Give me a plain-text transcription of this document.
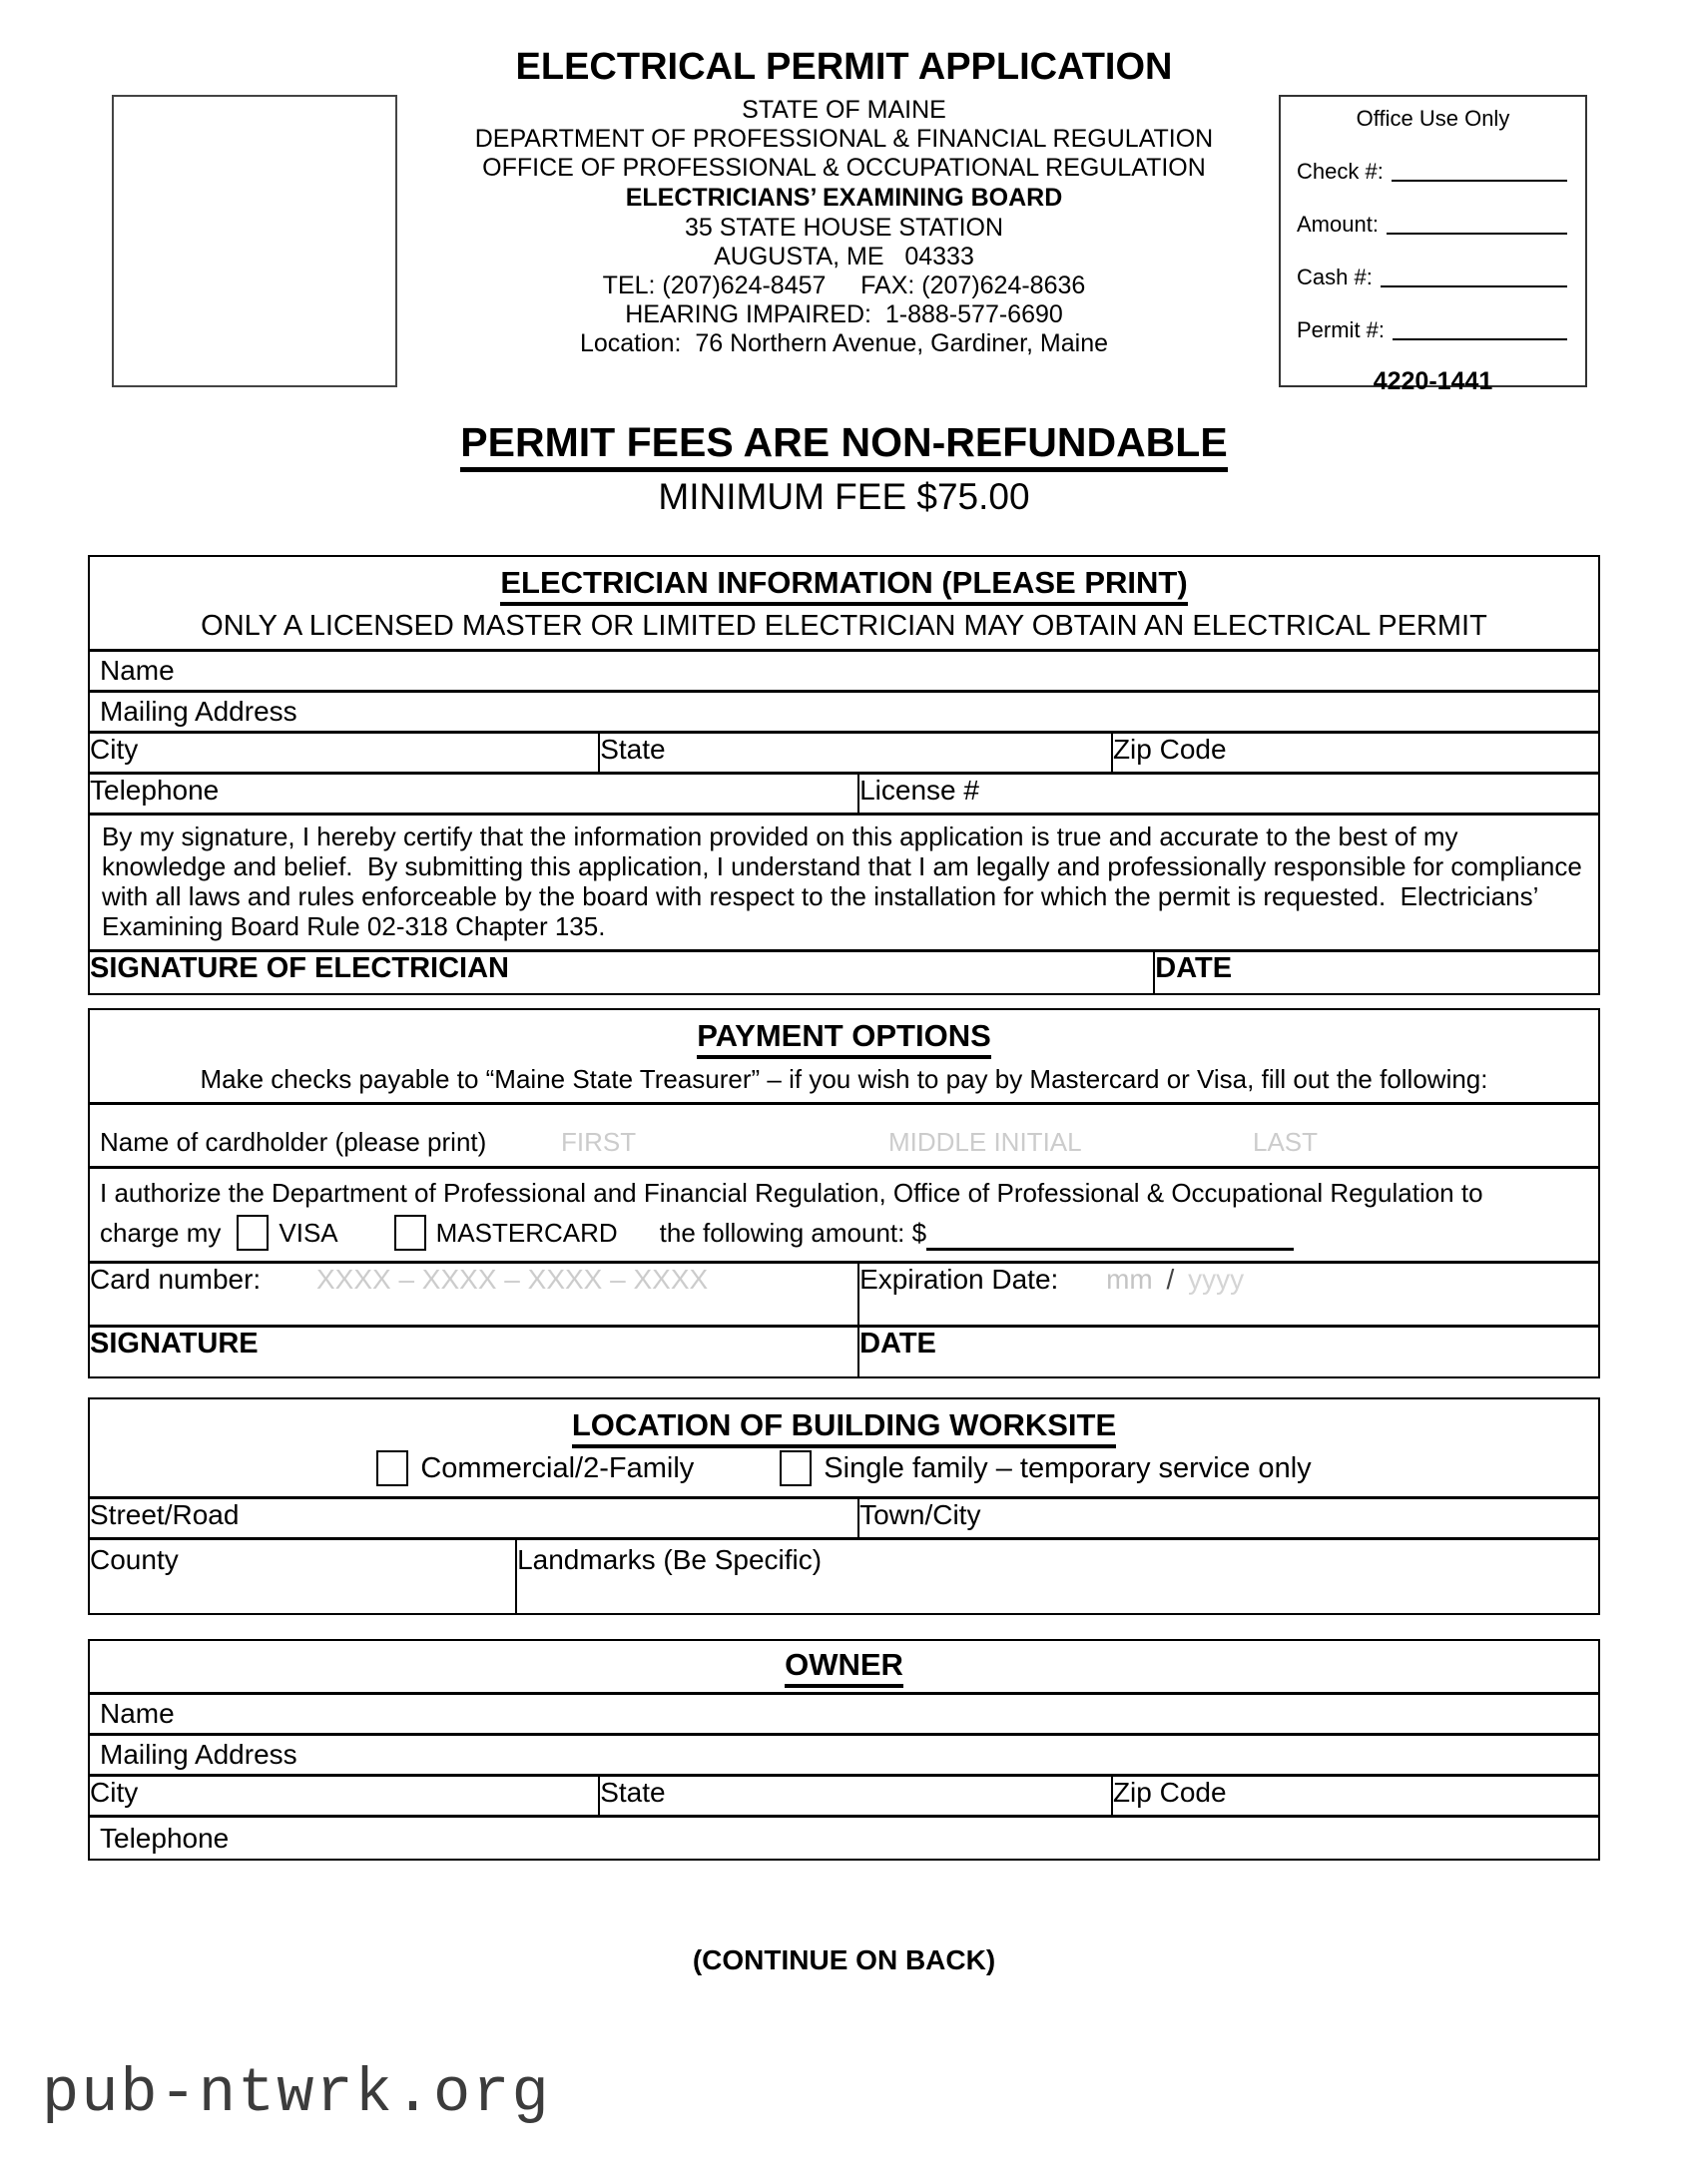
ELECTRICAL PERMIT APPLICATION
STATE OF MAINE
DEPARTMENT OF PROFESSIONAL & FINANCIAL REGULATION
OFFICE OF PROFESSIONAL & OCCUPATIONAL REGULATION
ELECTRICIANS’ EXAMINING BOARD
35 STATE HOUSE STATION
AUGUSTA, ME   04333
TEL: (207)624-8457     FAX: (207)624-8636
HEARING IMPAIRED:  1-888-577-6690
Location:  76 Northern Avenue, Gardiner, Maine
Office Use Only
Check #:
Amount:
Cash #:
Permit #:
4220-1441
PERMIT FEES ARE NON-REFUNDABLE
MINIMUM FEE $75.00
ELECTRICIAN INFORMATION (PLEASE PRINT)
ONLY A LICENSED MASTER OR LIMITED ELECTRICIAN MAY OBTAIN AN ELECTRICAL PERMIT
Name
Mailing Address
City	State	Zip Code
Telephone	License #
By my signature, I hereby certify that the information provided on this application is true and accurate to the best of my knowledge and belief.  By submitting this application, I understand that I am legally and professionally responsible for compliance with all laws and rules enforceable by the board with respect to the installation for which the permit is requested.  Electricians’ Examining Board Rule 02-318 Chapter 135.
SIGNATURE OF ELECTRICIAN	DATE
PAYMENT OPTIONS
Make checks payable to “Maine State Treasurer” – if you wish to pay by Mastercard or Visa, fill out the following:
Name of cardholder (please print)	FIRST	MIDDLE INITIAL	LAST
I authorize the Department of Professional and Financial Regulation, Office of Professional & Occupational Regulation to
charge my VISA	MASTERCARD the following amount: $
Card number: XXXX – XXXX – XXXX – XXXX	Expiration Date: mm / yyyy
SIGNATURE	DATE
LOCATION OF BUILDING WORKSITE
Commercial/2-Family	Single family – temporary service only
Street/Road	Town/City
County	Landmarks (Be Specific)
OWNER
Name
Mailing Address
City	State	Zip Code
Telephone
(CONTINUE ON BACK)
pub-ntwrk.org
